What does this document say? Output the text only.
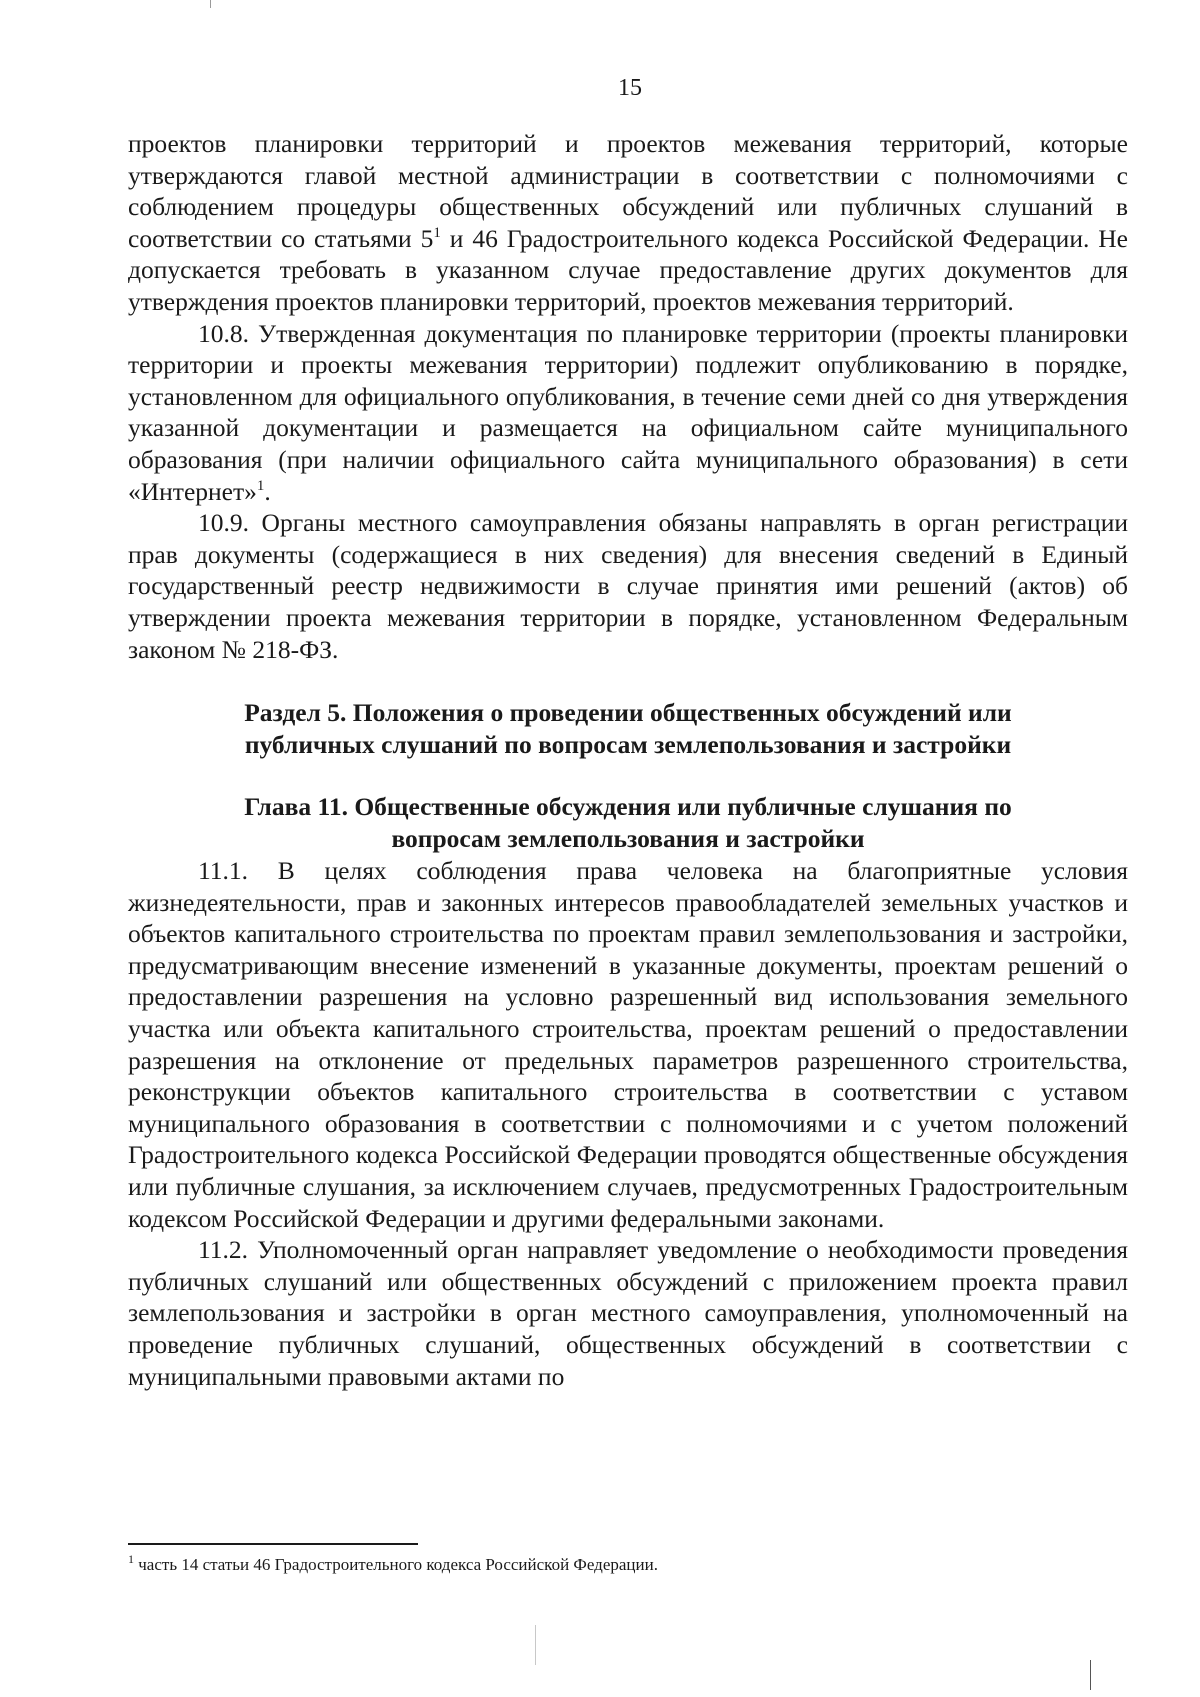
15

проектов планировки территорий и проектов межевания территорий, которые утверждаются главой местной администрации в соответствии с полномочиями с соблюдением процедуры общественных обсуждений или публичных слушаний в соответствии со статьями $5^1$ и 46 Градостроительного кодекса Российской Федерации. Не допускается требовать в указанном случае предоставление других документов для утверждения проектов планировки территорий, проектов межевания территорий.

10.8. Утвержденная документация по планировке территории (проекты планировки территории и проекты межевания территории) подлежит опубликованию в порядке, установленном для официального опубликования, в течение семи дней со дня утверждения указанной документации и размещается на официальном сайте муниципального образования (при наличии официального сайта муниципального образования) в сети «Интернет»$^1$.

10.9. Органы местного самоуправления обязаны направлять в орган регистрации прав документы (содержащиеся в них сведения) для внесения сведений в Единый государственный реестр недвижимости в случае принятия ими решений (актов) об утверждении проекта межевания территории в порядке, установленном Федеральным законом № 218-ФЗ.

Раздел 5. Положения о проведении общественных обсуждений или публичных слушаний по вопросам землепользования и застройки
Глава 11. Общественные обсуждения или публичные слушания по вопросам землепользования и застройки

11.1. В целях соблюдения права человека на благоприятные условия жизнедеятельности, прав и законных интересов правообладателей земельных участков и объектов капитального строительства по проектам правил землепользования и застройки, предусматривающим внесение изменений в указанные документы, проектам решений о предоставлении разрешения на условно разрешенный вид использования земельного участка или объекта капитального строительства, проектам решений о предоставлении разрешения на отклонение от предельных параметров разрешенного строительства, реконструкции объектов капитального строительства в соответствии с уставом муниципального образования в соответствии с полномочиями и с учетом положений Градостроительного кодекса Российской Федерации проводятся общественные обсуждения или публичные слушания, за исключением случаев, предусмотренных Градостроительным кодексом Российской Федерации и другими федеральными законами.

11.2. Уполномоченный орган направляет уведомление о необходимости проведения публичных слушаний или общественных обсуждений с приложением проекта правил землепользования и застройки в орган местного самоуправления, уполномоченный на проведение публичных слушаний, общественных обсуждений в соответствии с муниципальными правовыми актами по

$^1$ часть 14 статьи 46 Градостроительного кодекса Российской Федерации.
